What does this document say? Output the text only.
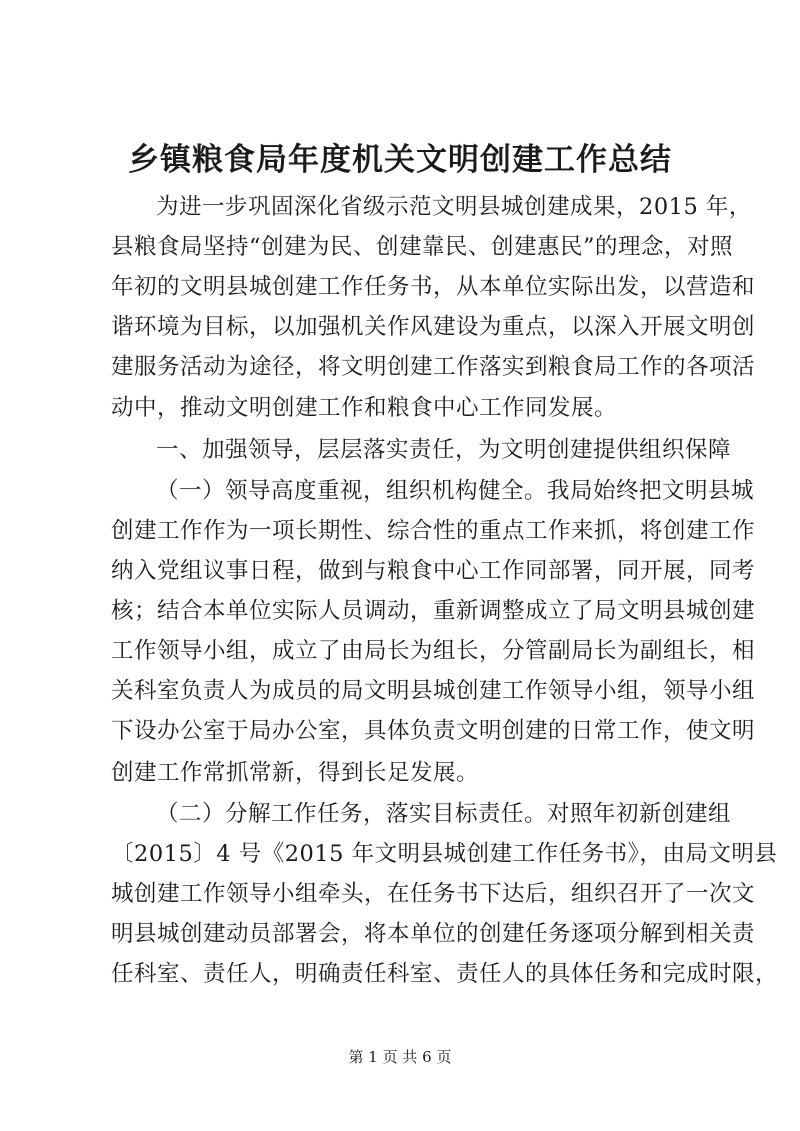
乡镇粮食局年度机关文明创建工作总结
为进一步巩固深化省级示范文明县城创建成果，2015 年，
县粮食局坚持“创建为民、创建靠民、创建惠民”的理念，对照
年初的文明县城创建工作任务书，从本单位实际出发，以营造和
谐环境为目标，以加强机关作风建设为重点，以深入开展文明创
建服务活动为途径，将文明创建工作落实到粮食局工作的各项活
动中，推动文明创建工作和粮食中心工作同发展。
一、加强领导，层层落实责任，为文明创建提供组织保障
（一）领导高度重视，组织机构健全。我局始终把文明县城
创建工作作为一项长期性、综合性的重点工作来抓，将创建工作
纳入党组议事日程，做到与粮食中心工作同部署，同开展，同考
核；结合本单位实际人员调动，重新调整成立了局文明县城创建
工作领导小组，成立了由局长为组长，分管副局长为副组长，相
关科室负责人为成员的局文明县城创建工作领导小组，领导小组
下设办公室于局办公室，具体负责文明创建的日常工作，使文明
创建工作常抓常新，得到长足发展。
（二）分解工作任务，落实目标责任。对照年初新创建组
〔2015〕4 号《2015 年文明县城创建工作任务书》，由局文明县
城创建工作领导小组牵头，在任务书下达后，组织召开了一次文
明县城创建动员部署会，将本单位的创建任务逐项分解到相关责
任科室、责任人，明确责任科室、责任人的具体任务和完成时限，
第 1 页 共 6 页
